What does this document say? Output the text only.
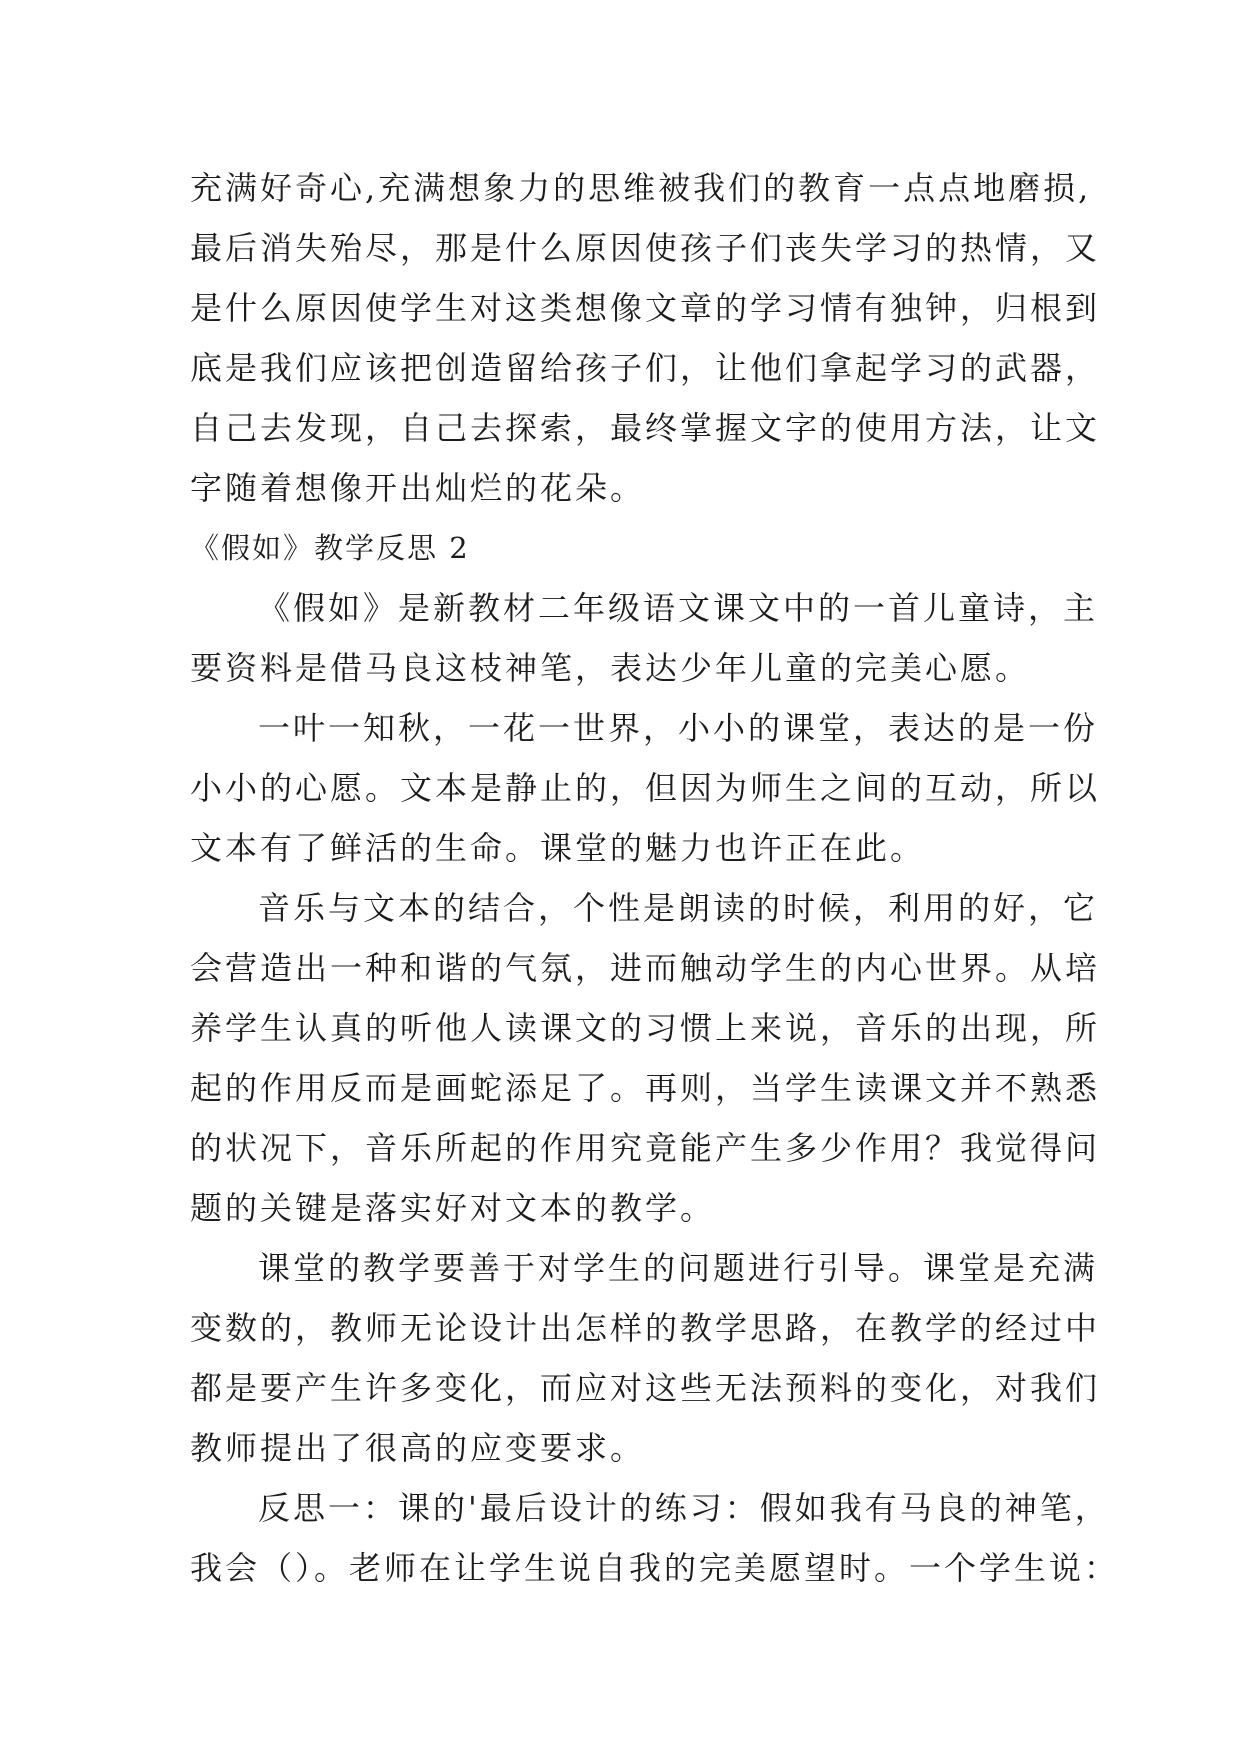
充满好奇心,充满想象力的思维被我们的教育一点点地磨损,
最后消失殆尽，那是什么原因使孩子们丧失学习的热情，又
是什么原因使学生对这类想像文章的学习情有独钟，归根到
底是我们应该把创造留给孩子们，让他们拿起学习的武器，
自己去发现，自己去探索，最终掌握文字的使用方法，让文
字随着想像开出灿烂的花朵。
《假如》教学反思 2
《假如》是新教材二年级语文课文中的一首儿童诗，主
要资料是借马良这枝神笔，表达少年儿童的完美心愿。
一叶一知秋，一花一世界，小小的课堂，表达的是一份
小小的心愿。文本是静止的，但因为师生之间的互动，所以
文本有了鲜活的生命。课堂的魅力也许正在此。
音乐与文本的结合，个性是朗读的时候，利用的好，它
会营造出一种和谐的气氛，进而触动学生的内心世界。从培
养学生认真的听他人读课文的习惯上来说，音乐的出现，所
起的作用反而是画蛇添足了。再则，当学生读课文并不熟悉
的状况下，音乐所起的作用究竟能产生多少作用？我觉得问
题的关键是落实好对文本的教学。
课堂的教学要善于对学生的问题进行引导。课堂是充满
变数的，教师无论设计出怎样的教学思路，在教学的经过中
都是要产生许多变化，而应对这些无法预料的变化，对我们
教师提出了很高的应变要求。
反思一：课的'最后设计的练习：假如我有马良的神笔，
我会（）。老师在让学生说自我的完美愿望时。一个学生说：
